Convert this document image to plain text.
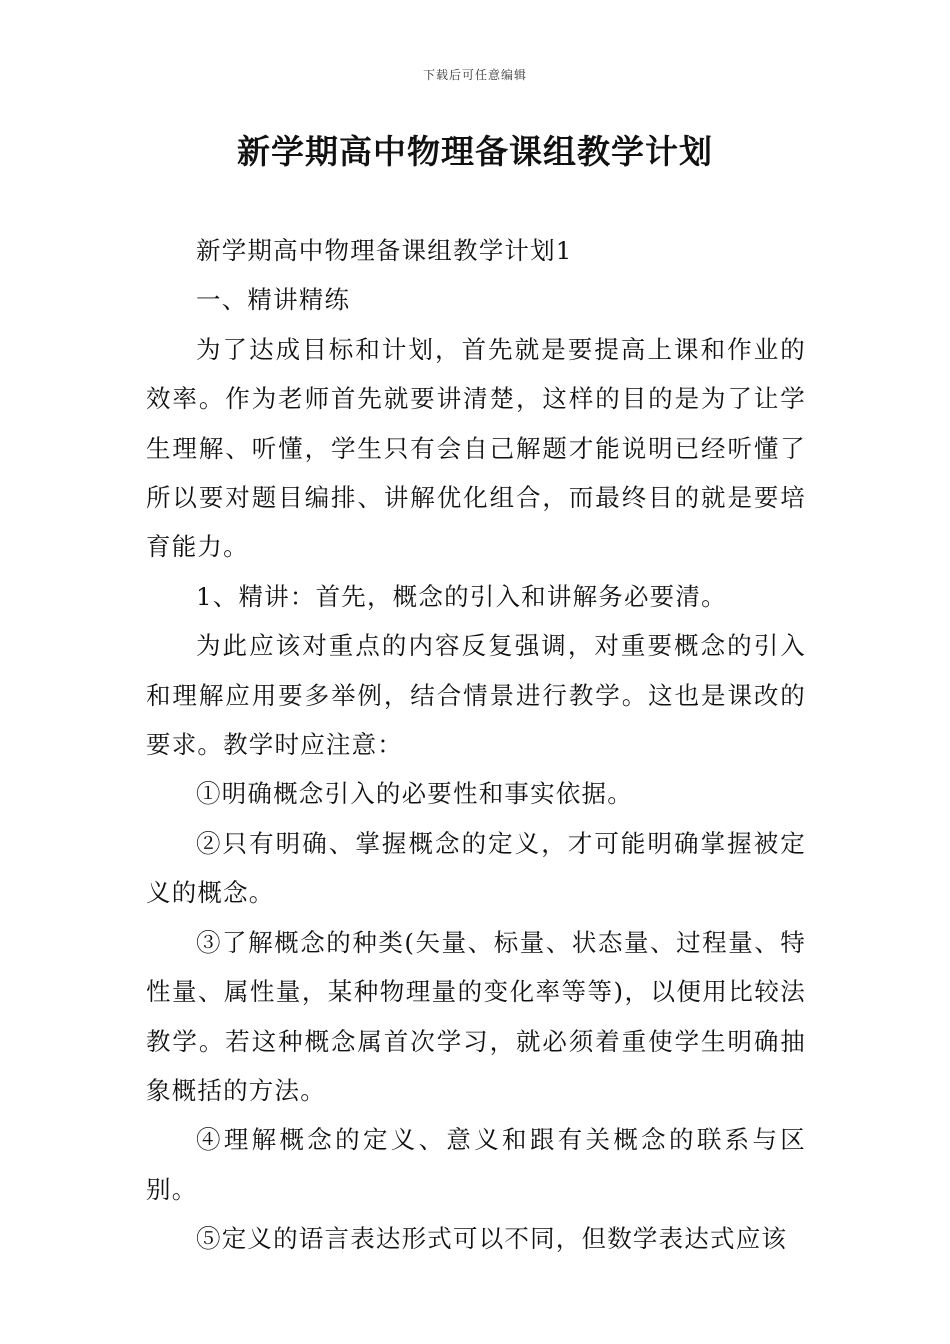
下载后可任意编辑
新学期高中物理备课组教学计划

新学期高中物理备课组教学计划1

一、精讲精练

为了达成目标和计划，首先就是要提高上课和作业的效率。作为老师首先就要讲清楚，这样的目的是为了让学生理解、听懂，学生只有会自己解题才能说明已经听懂了所以要对题目编排、讲解优化组合，而最终目的就是要培育能力。

1、精讲：首先，概念的引入和讲解务必要清。

为此应该对重点的内容反复强调，对重要概念的引入和理解应用要多举例，结合情景进行教学。这也是课改的要求。教学时应注意：

①明确概念引入的必要性和事实依据。

②只有明确、掌握概念的定义，才可能明确掌握被定义的概念。

③了解概念的种类(矢量、标量、状态量、过程量、特性量、属性量，某种物理量的变化率等等)，以便用比较法教学。若这种概念属首次学习，就必须着重使学生明确抽象概括的方法。

④理解概念的定义、意义和跟有关概念的联系与区别。

⑤定义的语言表达形式可以不同，但数学表达式应该
